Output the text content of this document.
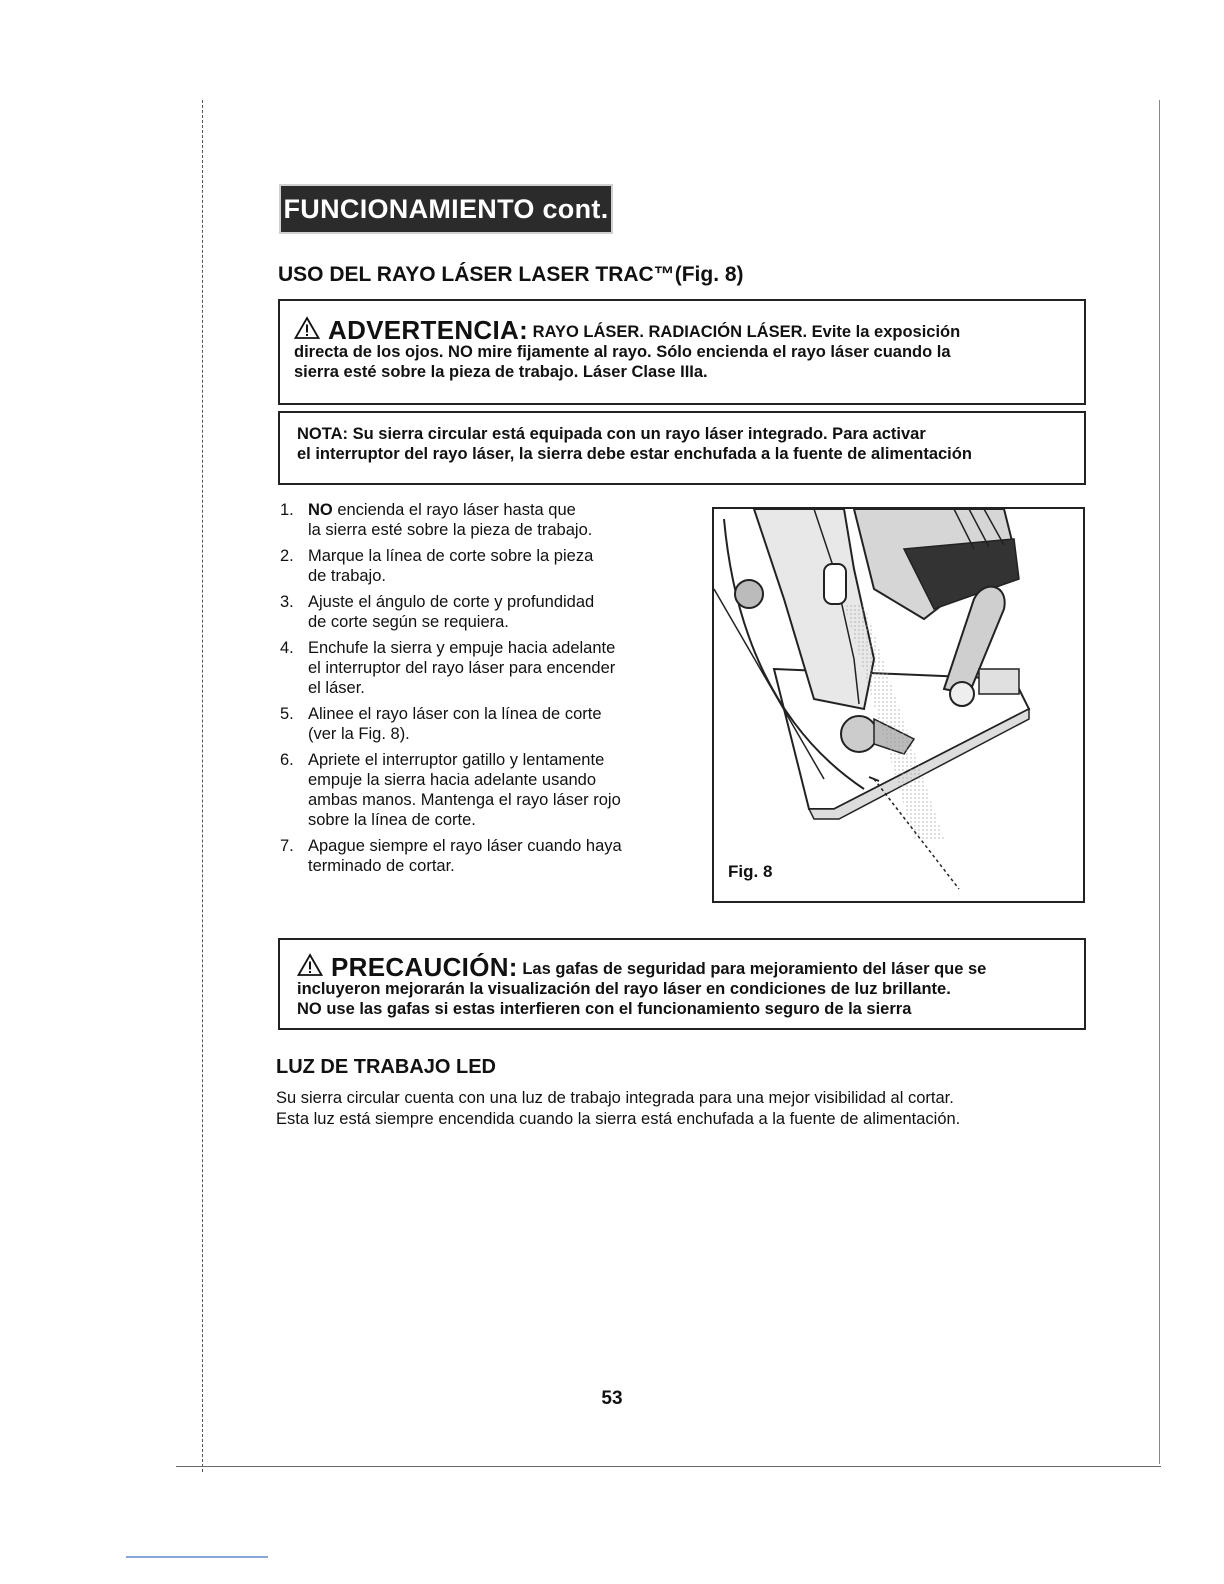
FUNCIONAMIENTO cont.
USO DEL RAYO LÁSER LASER TRAC™(Fig. 8)
ADVERTENCIA: RAYO LÁSER. RADIACIÓN LÁSER. Evite la exposición
directa de los ojos. NO mire fijamente al rayo. Sólo encienda el rayo láser cuando la
sierra esté sobre la pieza de trabajo. Láser Clase IIIa.
NOTA: Su sierra circular está equipada con un rayo láser integrado. Para activar
el interruptor del rayo láser, la sierra debe estar enchufada a la fuente de alimentación
1. NO encienda el rayo láser hasta que
la sierra esté sobre la pieza de trabajo.
2. Marque la línea de corte sobre la pieza
de trabajo.
3. Ajuste el ángulo de corte y profundidad
de corte según se requiera.
4. Enchufe la sierra y empuje hacia adelante
el interruptor del rayo láser para encender
el láser.
5. Alinee el rayo láser con la línea de corte
(ver la Fig. 8).
6. Apriete el interruptor gatillo y lentamente
empuje la sierra hacia adelante usando
ambas manos. Mantenga el rayo láser rojo
sobre la línea de corte.
7. Apague siempre el rayo láser cuando haya
terminado de cortar.	Fig. 8
PRECAUCIÓN: Las gafas de seguridad para mejoramiento del láser que se
incluyeron mejorarán la visualización del rayo láser en condiciones de luz brillante.
NO use las gafas si estas interfieren con el funcionamiento seguro de la sierra
LUZ DE TRABAJO LED
Su sierra circular cuenta con una luz de trabajo integrada para una mejor visibilidad al cortar.
Esta luz está siempre encendida cuando la sierra está enchufada a la fuente de alimentación.
53
